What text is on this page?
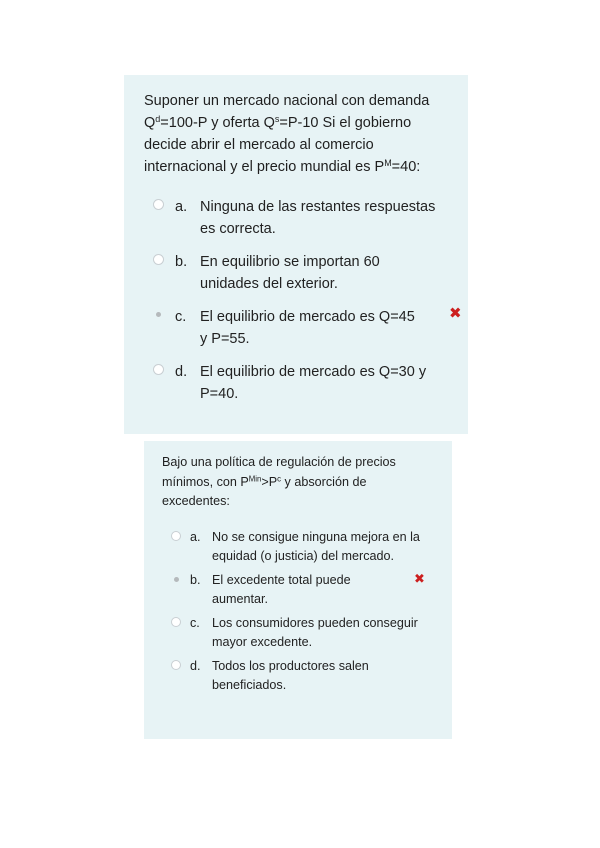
Suponer un mercado nacional con demanda
$Q^d=100-P$ y oferta $Q^s=P-10$ Si el gobierno
decide abrir el mercado al comercio
internacional y el precio mundial es $P^M=40$:

a. Ninguna de las restantes respuestas
es correcta.
b. En equilibrio se importan 60
unidades del exterior.
c. El equilibrio de mercado es Q=45
y P=55.
✖
d. El equilibrio de mercado es Q=30 y
P=40.

Bajo una política de regulación de precios
mínimos, con $P^{Min}>P^c$ y absorción de
excedentes:

a. No se consigue ninguna mejora en la
equidad (o justicia) del mercado.
b. El excedente total puede
aumentar.
✖
c. Los consumidores pueden conseguir
mayor excedente.
d. Todos los productores salen
beneficiados.
